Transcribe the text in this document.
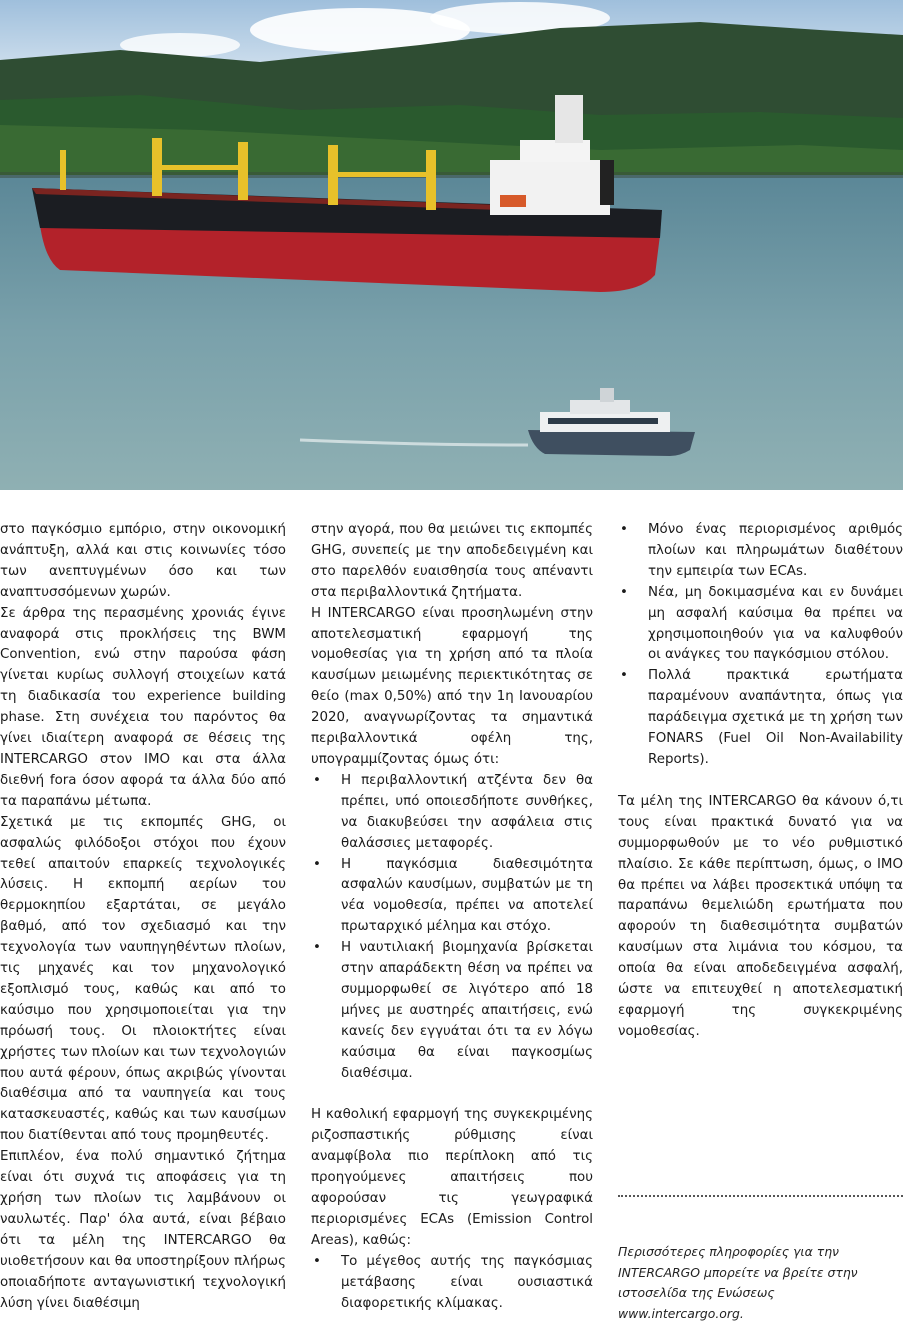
στο παγκόσμιο εμπόριο, στην οικονομική ανάπτυξη, αλλά και στις κοινωνίες τόσο των ανεπτυγμένων όσο και των αναπτυσσόμενων χωρών.

Σε άρθρα της περασμένης χρονιάς έγινε αναφορά στις προκλήσεις της BWM Convention, ενώ στην παρούσα φάση γίνεται κυρίως συλλογή στοιχείων κατά τη διαδικασία του experience building phase. Στη συνέχεια του παρόντος θα γίνει ιδιαίτερη αναφορά σε θέσεις της INTERCARGO στον IMO και στα άλλα διεθνή fora όσον αφορά τα άλλα δύο από τα παραπάνω μέτωπα.

Σχετικά με τις εκπομπές GHG, οι ασφαλώς φιλόδοξοι στόχοι που έχουν τεθεί απαιτούν επαρκείς τεχνολογικές λύσεις. Η εκπομπή αερίων του θερμοκηπίου εξαρτάται, σε μεγάλο βαθμό, από τον σχεδιασμό και την τεχνολογία των ναυπηγηθέντων πλοίων, τις μηχανές και τον μηχανολογικό εξοπλισμό τους, καθώς και από το καύσιμο που χρησιμοποιείται για την πρόωσή τους. Οι πλοιοκτήτες είναι χρήστες των πλοίων και των τεχνολογιών που αυτά φέρουν, όπως ακριβώς γίνονται διαθέσιμα από τα ναυπηγεία και τους κατασκευαστές, καθώς και των καυσίμων που διατίθενται από τους προμηθευτές.

Επιπλέον, ένα πολύ σημαντικό ζήτημα είναι ότι συχνά τις αποφάσεις για τη χρήση των πλοίων τις λαμβάνουν οι ναυλωτές. Παρ' όλα αυτά, είναι βέβαιο ότι τα μέλη της INTERCARGO θα υιοθετήσουν και θα υποστηρίξουν πλήρως οποιαδήποτε ανταγωνιστική τεχνολογική λύση γίνει διαθέσιμη

στην αγορά, που θα μειώνει τις εκπομπές GHG, συνεπείς με την αποδεδειγμένη και στο παρελθόν ευαισθησία τους απέναντι στα περιβαλλοντικά ζητήματα.

Η INTERCARGO είναι προσηλωμένη στην αποτελεσματική εφαρμογή της νομοθεσίας για τη χρήση από τα πλοία καυσίμων μειωμένης περιεκτικότητας σε θείο (max 0,50%) από την 1η Ιανουαρίου 2020, αναγνωρίζοντας τα σημαντικά περιβαλλοντικά οφέλη της, υπογραμμίζοντας όμως ότι:

• Η περιβαλλοντική ατζέντα δεν θα πρέπει, υπό οποιεσδήποτε συνθήκες, να διακυβεύσει την ασφάλεια στις θαλάσσιες μεταφορές.
• Η παγκόσμια διαθεσιμότητα ασφαλών καυσίμων, συμβατών με τη νέα νομοθεσία, πρέπει να αποτελεί πρωταρχικό μέλημα και στόχο.
• Η ναυτιλιακή βιομηχανία βρίσκεται στην απαράδεκτη θέση να πρέπει να συμμορφωθεί σε λιγότερο από 18 μήνες με αυστηρές απαιτήσεις, ενώ κανείς δεν εγγυάται ότι τα εν λόγω καύσιμα θα είναι παγκοσμίως διαθέσιμα.

Η καθολική εφαρμογή της συγκεκριμένης ριζοσπαστικής ρύθμισης είναι αναμφίβολα πιο περίπλοκη από τις προηγούμενες απαιτήσεις που αφορούσαν τις γεωγραφικά περιορισμένες ECAs (Emission Control Areas), καθώς:

• Το μέγεθος αυτής της παγκόσμιας μετάβασης είναι ουσιαστικά διαφορετικής κλίμακας.
• Μόνο ένας περιορισμένος αριθμός πλοίων και πληρωμάτων διαθέτουν την εμπειρία των ECAs.
• Νέα, μη δοκιμασμένα και εν δυνάμει μη ασφαλή καύσιμα θα πρέπει να χρησιμοποιηθούν για να καλυφθούν οι ανάγκες του παγκόσμιου στόλου.
• Πολλά πρακτικά ερωτήματα παραμένουν αναπάντητα, όπως για παράδειγμα σχετικά με τη χρήση των FONARS (Fuel Oil Non-Availability Reports).

Τα μέλη της INTERCARGO θα κάνουν ό,τι τους είναι πρακτικά δυνατό για να συμμορφωθούν με το νέο ρυθμιστικό πλαίσιο. Σε κάθε περίπτωση, όμως, ο IMO θα πρέπει να λάβει προσεκτικά υπόψη τα παραπάνω θεμελιώδη ερωτήματα που αφορούν τη διαθεσιμότητα συμβατών καυσίμων στα λιμάνια του κόσμου, τα οποία θα είναι αποδεδειγμένα ασφαλή, ώστε να επιτευχθεί η αποτελεσματική εφαρμογή της συγκεκριμένης νομοθεσίας.

Περισσότερες πληροφορίες για την INTERCARGO μπορείτε να βρείτε στην ιστοσελίδα της Ενώσεως www.intercargo.org.
